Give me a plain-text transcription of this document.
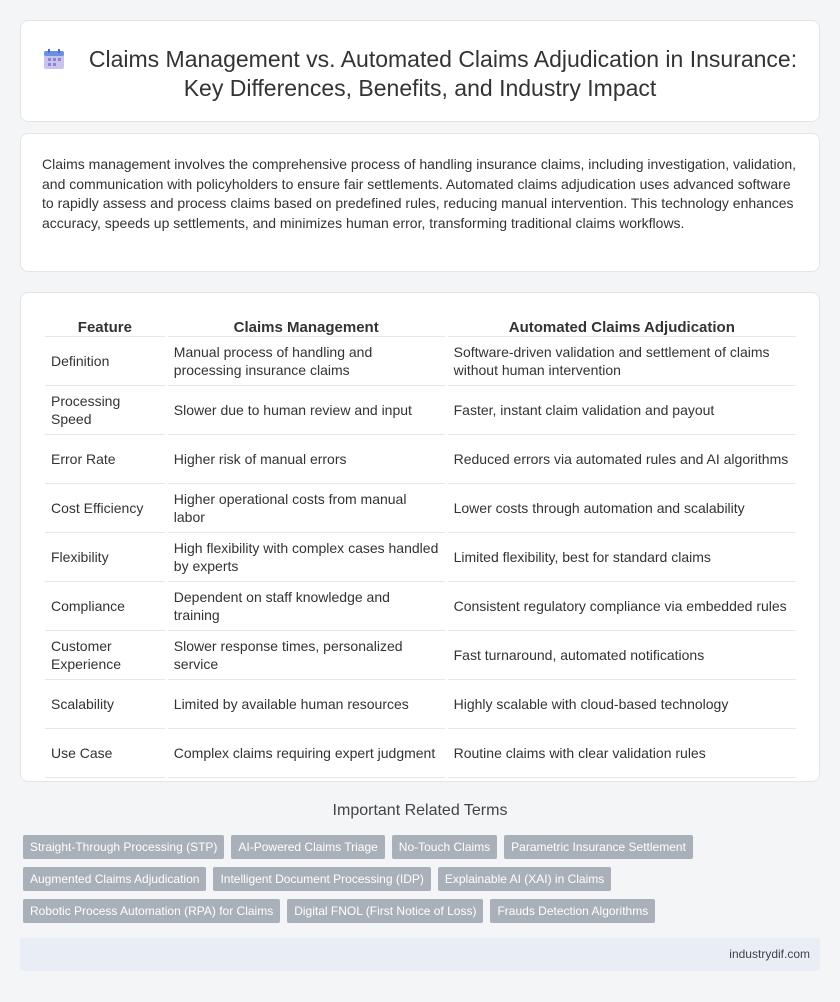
Claims Management vs. Automated Claims Adjudication in Insurance: Key Differences, Benefits, and Industry Impact

Claims management involves the comprehensive process of handling insurance claims, including investigation, validation, and communication with policyholders to ensure fair settlements. Automated claims adjudication uses advanced software to rapidly assess and process claims based on predefined rules, reducing manual intervention. This technology enhances accuracy, speeds up settlements, and minimizes human error, transforming traditional claims workflows.

Feature	Claims Management	Automated Claims Adjudication
Definition	Manual process of handling and processing insurance claims	Software-driven validation and settlement of claims without human intervention
Processing Speed	Slower due to human review and input	Faster, instant claim validation and payout
Error Rate	Higher risk of manual errors	Reduced errors via automated rules and AI algorithms
Cost Efficiency	Higher operational costs from manual labor	Lower costs through automation and scalability
Flexibility	High flexibility with complex cases handled by experts	Limited flexibility, best for standard claims
Compliance	Dependent on staff knowledge and training	Consistent regulatory compliance via embedded rules
Customer Experience	Slower response times, personalized service	Fast turnaround, automated notifications
Scalability	Limited by available human resources	Highly scalable with cloud-based technology
Use Case	Complex claims requiring expert judgment	Routine claims with clear validation rules
Important Related Terms
Straight-Through Processing (STP)	AI-Powered Claims Triage	No-Touch Claims	Parametric Insurance Settlement
Augmented Claims Adjudication	Intelligent Document Processing (IDP)	Explainable AI (XAI) in Claims
Robotic Process Automation (RPA) for Claims	Digital FNOL (First Notice of Loss)	Frauds Detection Algorithms
industrydif.com
